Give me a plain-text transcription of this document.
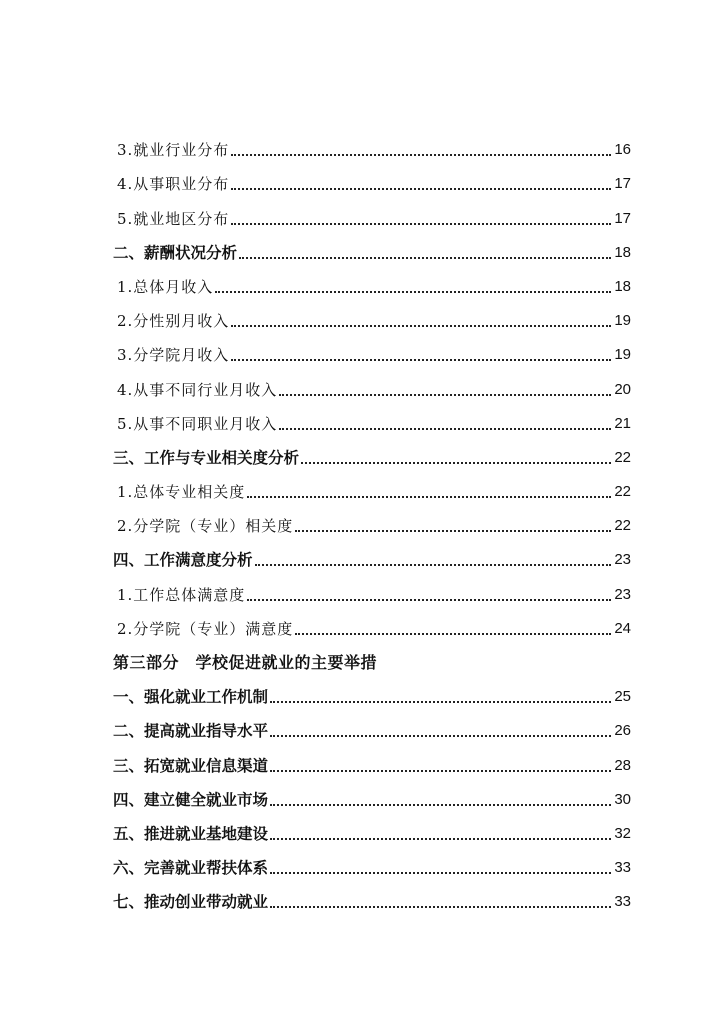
3.就业行业分布	16
4.从事职业分布	17
5.就业地区分布	17
二、薪酬状况分析	18
1.总体月收入	18
2.分性别月收入	19
3.分学院月收入	19
4.从事不同行业月收入	20
5.从事不同职业月收入	21
三、工作与专业相关度分析	22
1.总体专业相关度	22
2.分学院（专业）相关度	22
四、工作满意度分析	23
1.工作总体满意度	23
2.分学院（专业）满意度	24
第三部分　学校促进就业的主要举措
一、强化就业工作机制	25
二、提高就业指导水平	26
三、拓宽就业信息渠道	28
四、建立健全就业市场	30
五、推进就业基地建设	32
六、完善就业帮扶体系	33
七、推动创业带动就业	33
